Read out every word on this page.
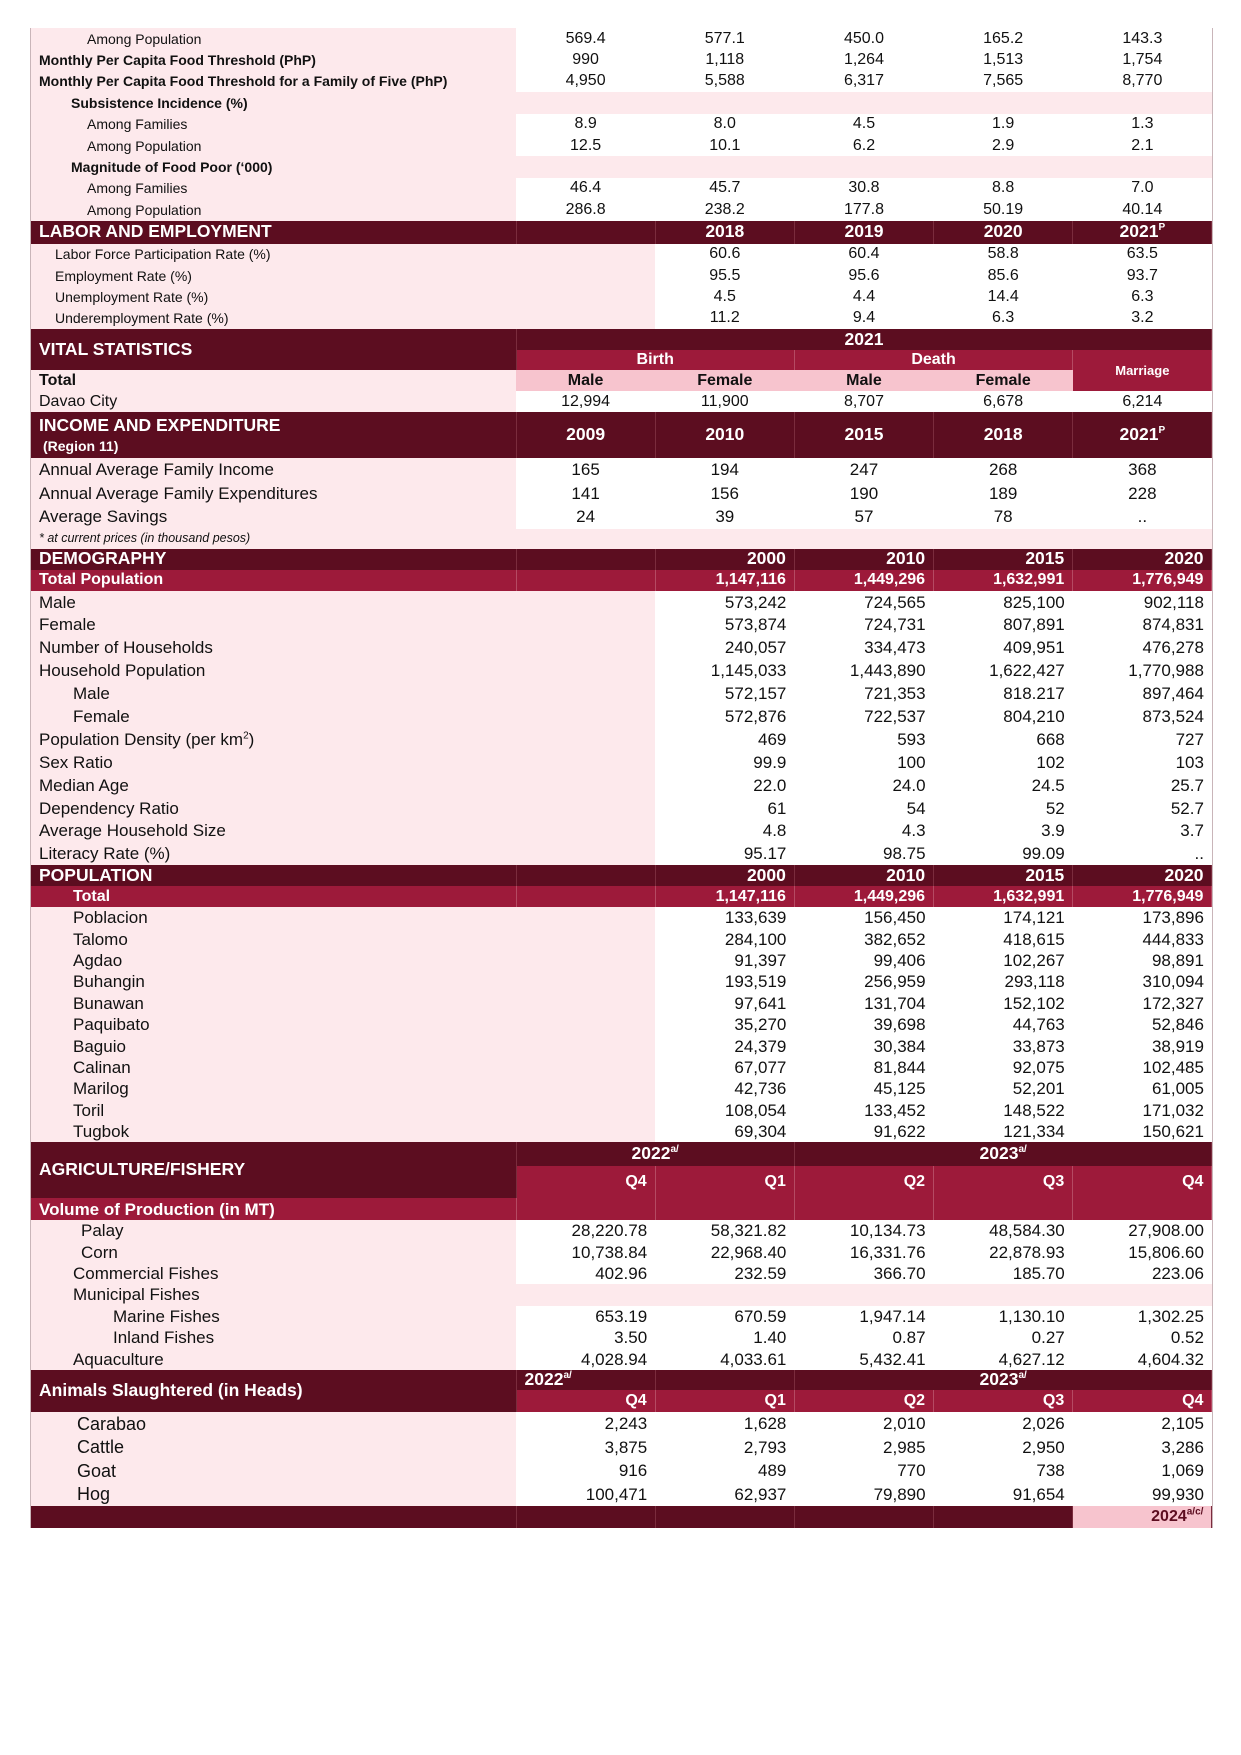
Among Population	569.4	577.1	450.0	165.2	143.3
Monthly Per Capita Food Threshold (PhP)	990	1,118	1,264	1,513	1,754
Monthly Per Capita Food Threshold for a Family of Five (PhP)	4,950	5,588	6,317	7,565	8,770
Subsistence Incidence (%)					
Among Families	8.9	8.0	4.5	1.9	1.3
Among Population	12.5	10.1	6.2	2.9	2.1
Magnitude of Food Poor (‘000)					
Among Families	46.4	45.7	30.8	8.8	7.0
Among Population	286.8	238.2	177.8	50.19	40.14
LABOR AND EMPLOYMENT		2018	2019	2020	$2021^P$
Labor Force Participation Rate (%)		60.6	60.4	58.8	63.5
Employment Rate (%)		95.5	95.6	85.6	93.7
Unemployment Rate (%)		4.5	4.4	14.4	6.3
Underemployment Rate (%)		11.2	9.4	6.3	3.2
VITAL STATISTICS	2021				
	Birth		Death		Marriage
Total	Male	Female	Male	Female	
Davao City	12,994	11,900	8,707	6,678	6,214

INCOME AND EXPENDITURE
(Region 11)	2009	2010	2015	2018	$2021^P$
Annual Average Family Income	165	194	247	268	368
Annual Average Family Expenditures	141	156	190	189	228
Average Savings	24	39	57	78	..
* at current prices (in thousand pesos)					
DEMOGRAPHY		2000	2010	2015	2020
Total Population		1,147,116	1,449,296	1,632,991	1,776,949
Male		573,242	724,565	825,100	902,118
Female		573,874	724,731	807,891	874,831
Number of Households		240,057	334,473	409,951	476,278
Household Population		1,145,033	1,443,890	1,622,427	1,770,988
Male		572,157	721,353	818.217	897,464
Female		572,876	722,537	804,210	873,524
Population Density (per $km^2$)		469	593	668	727
Sex Ratio		99.9	100	102	103
Median Age		22.0	24.0	24.5	25.7
Dependency Ratio		61	54	52	52.7
Average Household Size		4.8	4.3	3.9	3.7
Literacy Rate (%)		95.17	98.75	99.09	..
POPULATION		2000	2010	2015	2020
Total		1,147,116	1,449,296	1,632,991	1,776,949
Poblacion		133,639	156,450	174,121	173,896
Talomo		284,100	382,652	418,615	444,833
Agdao		91,397	99,406	102,267	98,891
Buhangin		193,519	256,959	293,118	310,094
Bunawan		97,641	131,704	152,102	172,327
Paquibato		35,270	39,698	44,763	52,846
Baguio		24,379	30,384	33,873	38,919
Calinan		67,077	81,844	92,075	102,485
Marilog		42,736	45,125	52,201	61,005
Toril		108,054	133,452	148,522	171,032
Tugbok		69,304	91,622	121,334	150,621
AGRICULTURE/FISHERY	$2022^{a/}$		$2023^{a/}$
	Q4	Q1	Q2	Q3	Q4
Volume of Production (in MT)					
Palay	28,220.78	58,321.82	10,134.73	48,584.30	27,908.00
Corn	10,738.84	22,968.40	16,331.76	22,878.93	15,806.60
Commercial Fishes	402.96	232.59	366.70	185.70	223.06
Municipal Fishes					
Marine Fishes	653.19	670.59	1,947.14	1,130.10	1,302.25
Inland Fishes	3.50	1.40	0.87	0.27	0.52
Aquaculture	4,028.94	4,033.61	5,432.41	4,627.12	4,604.32
Animals Slaughtered (in Heads)	$2022^{a/}$		$2023^{a/}$
	Q4	Q1	Q2	Q3	Q4
Carabao	2,243	1,628	2,010	2,026	2,105
Cattle	3,875	2,793	2,985	2,950	3,286
Goat	916	489	770	738	1,069
Hog	100,471	62,937	79,890	91,654	99,930
					$2024^{a/c/}$
